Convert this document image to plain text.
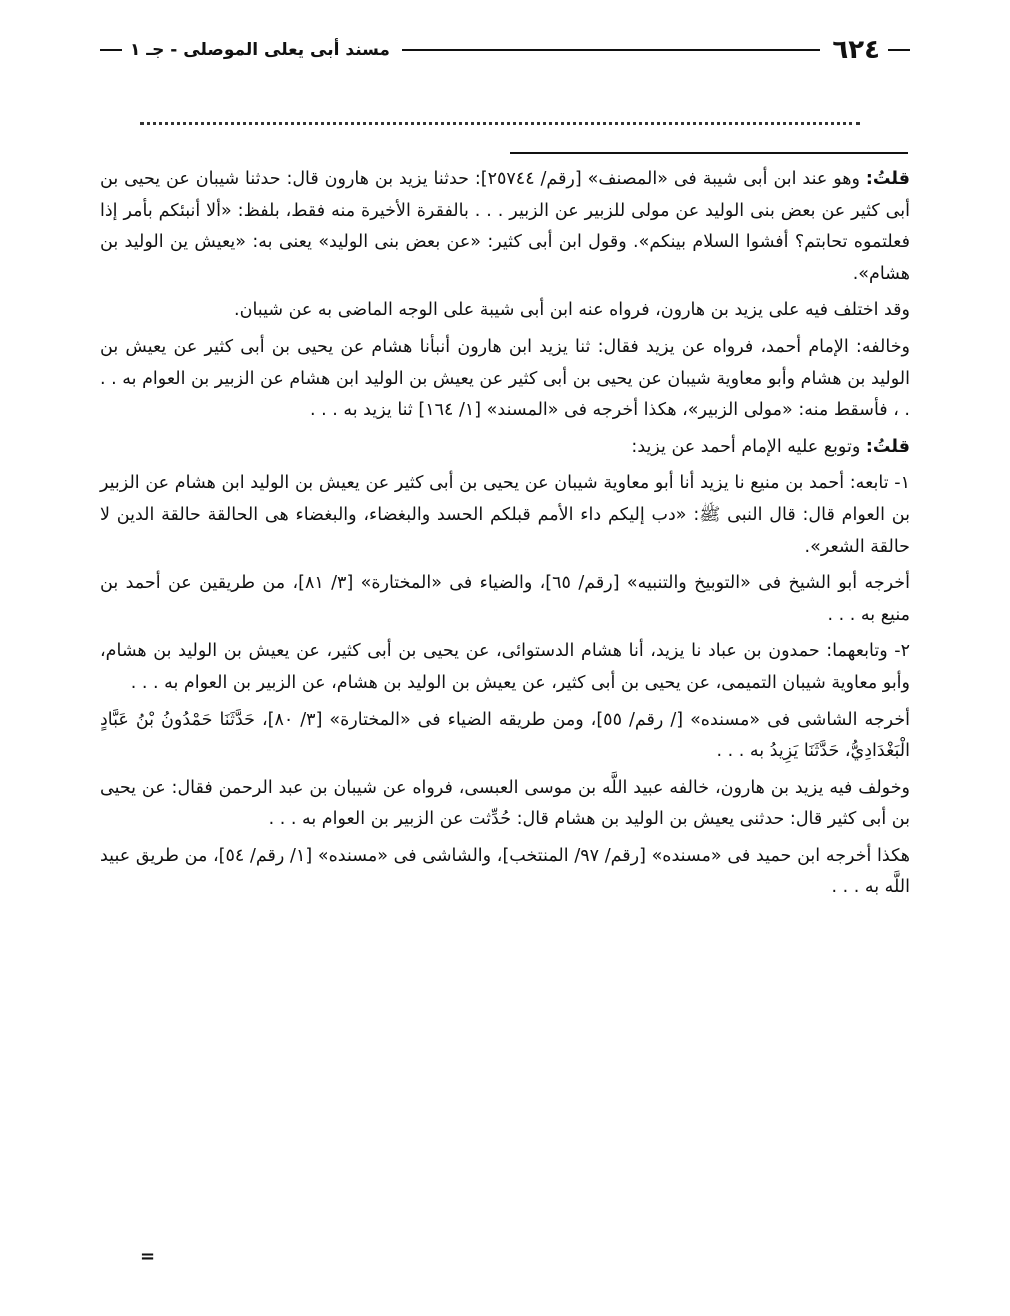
٦٢٤
مسند أبى يعلى الموصلى - جـ ١

قلتُ: وهو عند ابن أبى شيبة فى «المصنف» [رقم/ ٢٥٧٤٤]: حدثنا يزيد بن هارون قال: حدثنا شيبان عن يحيى بن أبى كثير عن بعض بنى الوليد عن مولى للزبير عن الزبير . . . بالفقرة الأخيرة منه فقط، بلفظ: «ألا أنبئكم بأمر إذا فعلتموه تحابتم؟ أفشوا السلام بينكم». وقول ابن أبى كثير: «عن بعض بنى الوليد» يعنى به: «يعيش ين الوليد بن هشام».

وقد اختلف فيه على يزيد بن هارون، فرواه عنه ابن أبى شيبة على الوجه الماضى به عن شيبان.

وخالفه: الإمام أحمد، فرواه عن يزيد فقال: ثنا يزيد ابن هارون أنبأنا هشام عن يحيى بن أبى كثير عن يعيش بن الوليد بن هشام وأبو معاوية شيبان عن يحيى بن أبى كثير عن يعيش بن الوليد ابن هشام عن الزبير بن العوام به . . . ، فأسقط منه: «مولى الزبير»، هكذا أخرجه فى «المسند» [١/ ١٦٤] ثنا يزيد به . . .

قلتُ: وتوبع عليه الإمام أحمد عن يزيد:

١- تابعه: أحمد بن منيع نا يزيد أنا أبو معاوية شيبان عن يحيى بن أبى كثير عن يعيش بن الوليد ابن هشام عن الزبير بن العوام قال: قال النبى ﷺ: «دب إليكم داء الأمم قبلكم الحسد والبغضاء، والبغضاء هى الحالقة حالقة الدين لا حالقة الشعر».

أخرجه أبو الشيخ فى «التوبيخ والتنبيه» [رقم/ ٦٥]، والضياء فى «المختارة» [٣/ ٨١]، من طريقين عن أحمد بن منيع به . . .

٢- وتابعهما: حمدون بن عباد نا يزيد، أنا هشام الدستوائى، عن يحيى بن أبى كثير، عن يعيش بن الوليد بن هشام، وأبو معاوية شيبان التميمى، عن يحيى بن أبى كثير، عن يعيش بن الوليد بن هشام، عن الزبير بن العوام به . . .

أخرجه الشاشى فى «مسنده» [/ رقم/ ٥٥]، ومن طريقه الضياء فى «المختارة» [٣/ ٨٠]، حَدَّثَنَا حَمْدُونُ بْنُ عَبَّادٍ الْبَغْدَادِيُّ، حَدَّثَنَا يَزِيدُ به . . .

وخولف فيه يزيد بن هارون، خالفه عبيد اللَّه بن موسى العبسى، فرواه عن شيبان بن عبد الرحمن فقال: عن يحيى بن أبى كثير قال: حدثنى يعيش بن الوليد بن هشام قال: حُدِّثت عن الزبير بن العوام به . . .

هكذا أخرجه ابن حميد فى «مسنده» [رقم/ ٩٧/ المنتخب]، والشاشى فى «مسنده» [١/ رقم/ ٥٤]، من طريق عبيد اللَّه به . . .

=
